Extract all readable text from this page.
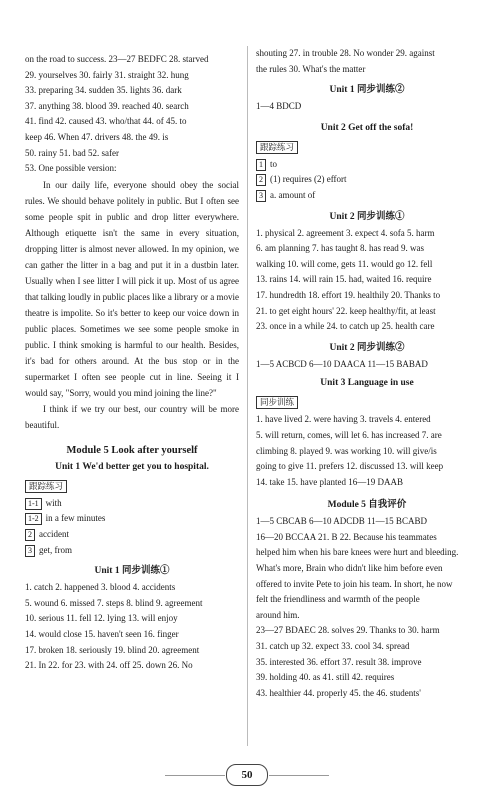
on the road to success. 23—27 BEDFC 28. starved
29. yourselves 30. fairly 31. straight 32. hung
33. preparing 34. sudden 35. lights 36. dark
37. anything 38. blood 39. reached 40. search
41. find 42. caused 43. who/that 44. of 45. to
keep 46. When 47. drivers 48. the 49. is
50. rainy 51. bad 52. safer
53. One possible version:

In our daily life, everyone should obey the social rules. We should behave politely in public. But I often see some people spit in public and drop litter everywhere. Although etiquette isn't the same in every situation, dropping litter is almost never allowed. In my opinion, we can gather the litter in a bag and put it in a dustbin later. Usually when I see litter I will pick it up. Most of us agree that talking loudly in public places like a library or a movie theatre is impolite. So it's better to keep our voice down in public places. Sometimes we see some people smoke in public. I think smoking is harmful to our health. Besides, it's bad for others around. At the bus stop or in the supermarket I often see people cut in line. Seeing it I would say, "Sorry, would you mind joining the line?"

I think if we try our best, our country will be more beautiful.

Module 5 Look after yourself
Unit 1 We'd better get you to hospital.
跟踪练习
1-1 with
1-2 in a few minutes
2 accident
3 get, from
Unit 1 同步训练①
1. catch 2. happened 3. blood 4. accidents
5. wound 6. missed 7. steps 8. blind 9. agreement
10. serious 11. fell 12. lying 13. will enjoy
14. would close 15. haven't seen 16. finger
17. broken 18. seriously 19. blind 20. agreement
21. In 22. for 23. with 24. off 25. down 26. No
shouting 27. in trouble 28. No wonder 29. against
the rules 30. What's the matter
Unit 1 同步训练②
1—4 BDCD
Unit 2 Get off the sofa!
跟踪练习
1 to
2 (1) requires (2) effort
3 a. amount of
Unit 2 同步训练①
1. physical 2. agreement 3. expect 4. sofa 5. harm
6. am planning 7. has taught 8. has read 9. was
walking 10. will come, gets 11. would go 12. fell
13. rains 14. will rain 15. had, waited 16. require
17. hundredth 18. effort 19. healthily 20. Thanks to
21. to get eight hours' 22. keep healthy/fit, at least
23. once in a while 24. to catch up 25. health care
Unit 2 同步训练②
1—5 ACBCD 6—10 DAACA 11—15 BABAD
Unit 3 Language in use
同步训练
1. have lived 2. were having 3. travels 4. entered
5. will return, comes, will let 6. has increased 7. are
climbing 8. played 9. was working 10. will give/is
going to give 11. prefers 12. discussed 13. will keep
14. take 15. have planted 16—19 DAAB
Module 5 自我评价
1—5 CBCAB 6—10 ADCDB 11—15 BCABD
16—20 BCCAA 21. B 22. Because his teammates
helped him when his bare knees were hurt and bleeding.
What's more, Brain who didn't like him before even
offered to invite Pete to join his team. In short, he now
felt the friendliness and warmth of the people
around him.
23—27 BDAEC 28. solves 29. Thanks to 30. harm
31. catch up 32. expect 33. cool 34. spread
35. interested 36. effort 37. result 38. improve
39. holding 40. as 41. still 42. requires
43. healthier 44. properly 45. the 46. students'
50
